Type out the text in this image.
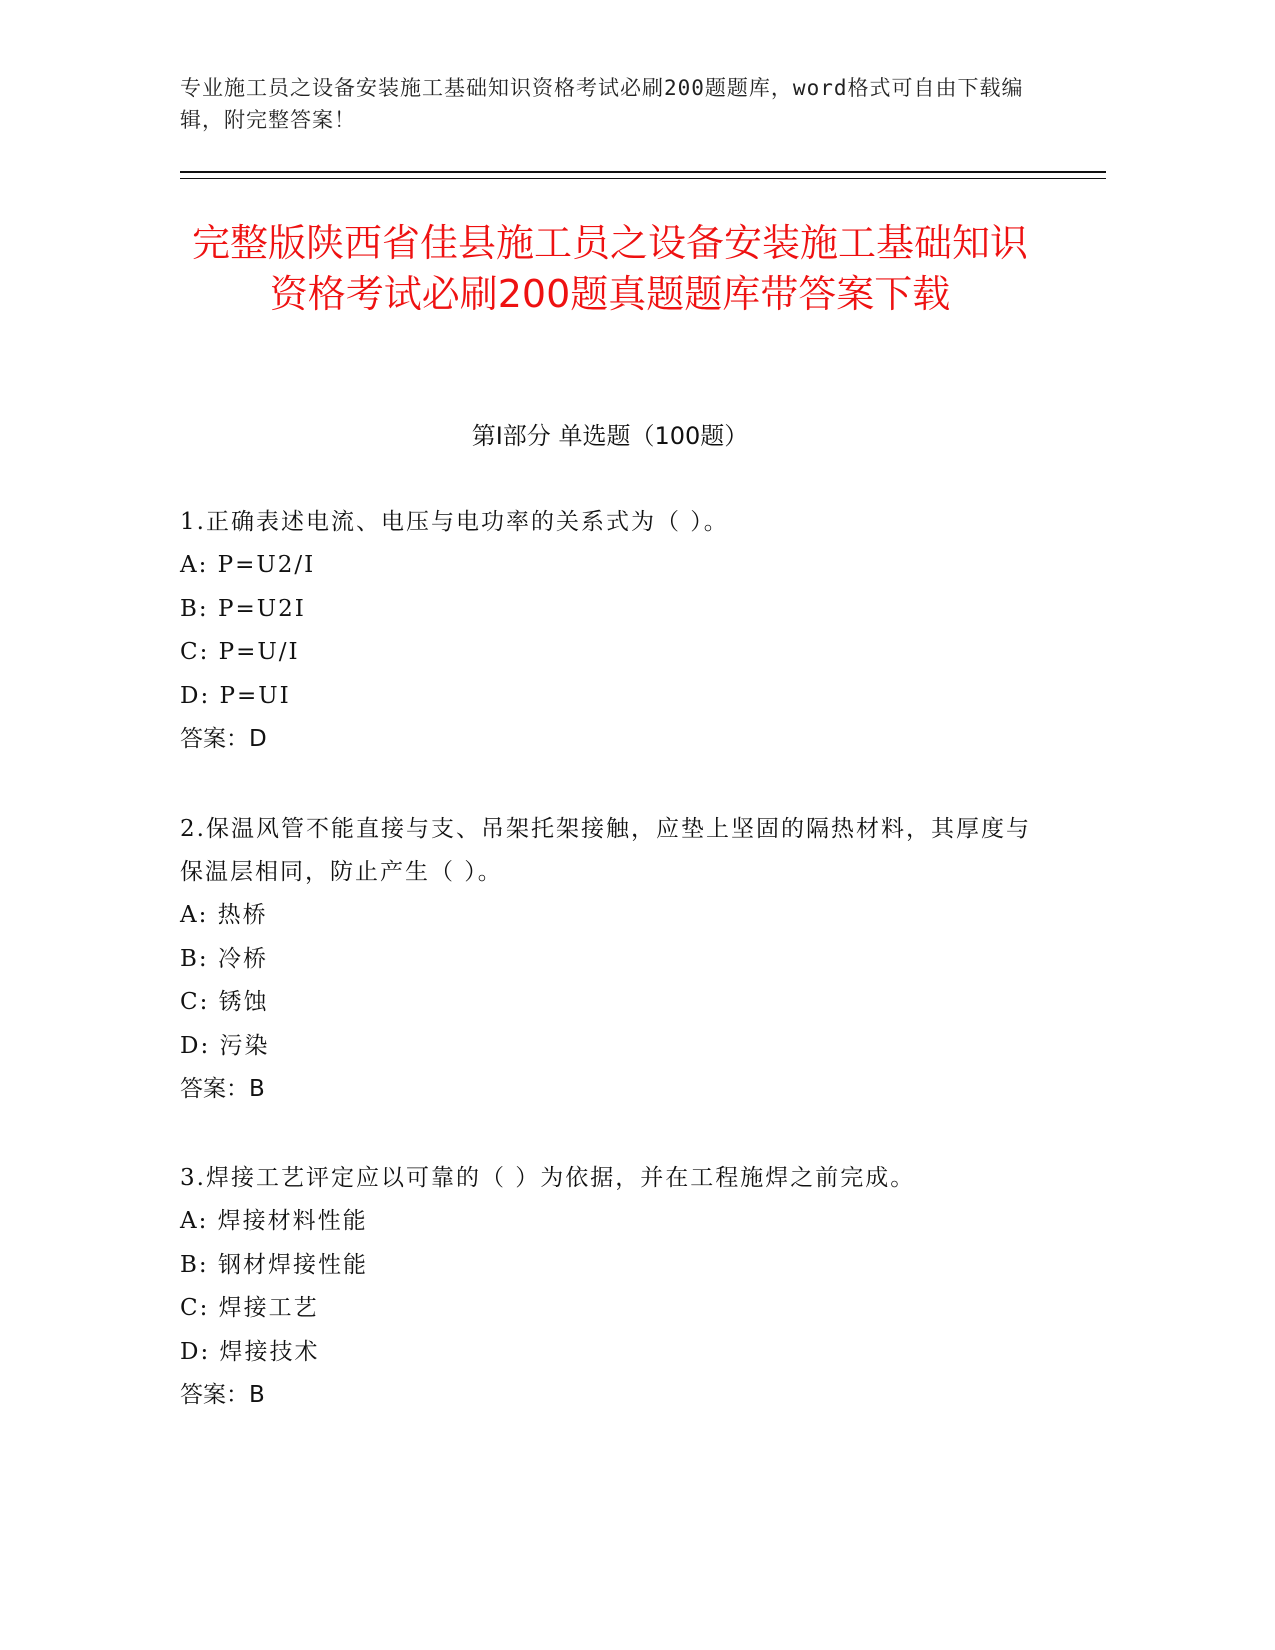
专业施工员之设备安装施工基础知识资格考试必刷200题题库，word格式可自由下载编辑，附完整答案！
完整版陕西省佳县施工员之设备安装施工基础知识资格考试必刷200题真题题库带答案下载
第Ⅰ部分 单选题（100题）
1.正确表述电流、电压与电功率的关系式为（ ）。
A: P=U2/I
B: P=U2I
C: P=U/I
D: P=UI
答案：D
2.保温风管不能直接与支、吊架托架接触，应垫上坚固的隔热材料，其厚度与保温层相同，防止产生（ ）。
A: 热桥
B: 冷桥
C: 锈蚀
D: 污染
答案：B
3.焊接工艺评定应以可靠的（ ）为依据，并在工程施焊之前完成。
A: 焊接材料性能
B: 钢材焊接性能
C: 焊接工艺
D: 焊接技术
答案：B
